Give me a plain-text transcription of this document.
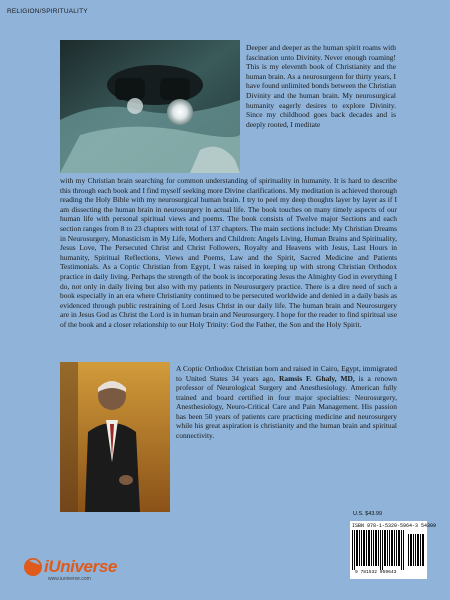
RELIGION/SPIRITUALITY
Deeper and deeper as the human spirit roams with fascination unto Divinity. Never enough roaming! This is my eleventh book of Christianity and the human brain. As a neurosurgeon for thirty years, I have found unlimited bonds between the Christian Divinity and the human brain. My neurosurgical humanity eagerly desires to explore Divinity. Since my childhood goes back decades and is deeply rooted, I meditate
with my Christian brain searching for common understanding of spirituality in humanity. It is hard to describe this through each book and I find myself seeking more Divine clarifications. My meditation is achieved thorough reading the Holy Bible with my neurosurgical human brain. I try to peel my deep thoughts layer by layer as if I am dissecting the human brain in neurosurgery in actual life. The book touches on many timely aspects of our human life with personal spiritual views and poems. The book consists of Twelve major Sections and each section ranges from 8 to 23 chapters with total of 137 chapters. The main sections include: My Christian Dreams in Neurosurgery, Monasticism in My Life, Mothers and Children: Angels Living, Human Brains and Spirituality, Jesus Love, The Persecuted Christ and Christ Followers, Royalty and Heavens with Jesus, Last Hours in humanity, Spiritual Reflections, Views and Poems, Law and the Spirit, Sacred Medicine and Patients Testimonials. As a Coptic Christian from Egypt, I was raised in keeping up with strong Christian Orthodox practice in daily living. Perhaps the strength of the book is incorporating Jesus the Almighty God in everything I do, not only in daily living but also with my patients in Neurosurgery practice. There is a dire need of such a book especially in an era where Christianity continued to be persecuted worldwide and denied in a daily basis as evidenced through public restraining of Lord Jesus Christ in our daily life. The human brain and Neurosurgery are in Jesus God as Christ the Lord is in human brain and Neurosurgery. I hope for the reader to find spiritual use of the book and a closer relationship to our Holy Trinity: God the Father, the Son and the Holy Spirit.
A Coptic Orthodox Christian born and raised in Cairo, Egypt, immigrated to United States 34 years ago, Ramsis F. Ghaly, MD, is a renown professor of Neurological Surgery and Anesthesiology. American fully trained and board certified in four major specialties: Neurosurgery, Anesthesiology, Neuro-Critical Care and Pain Management. His passion has been 50 years of patients care practicing medicine and neurosurgery while his great aspiration is christianity and the human brain and spiritual connectivity.
U.S. $43.99
ISBN 978-1-5320-5964-3 54399
9 781532 059643
iUniverse
www.iuniverse.com
